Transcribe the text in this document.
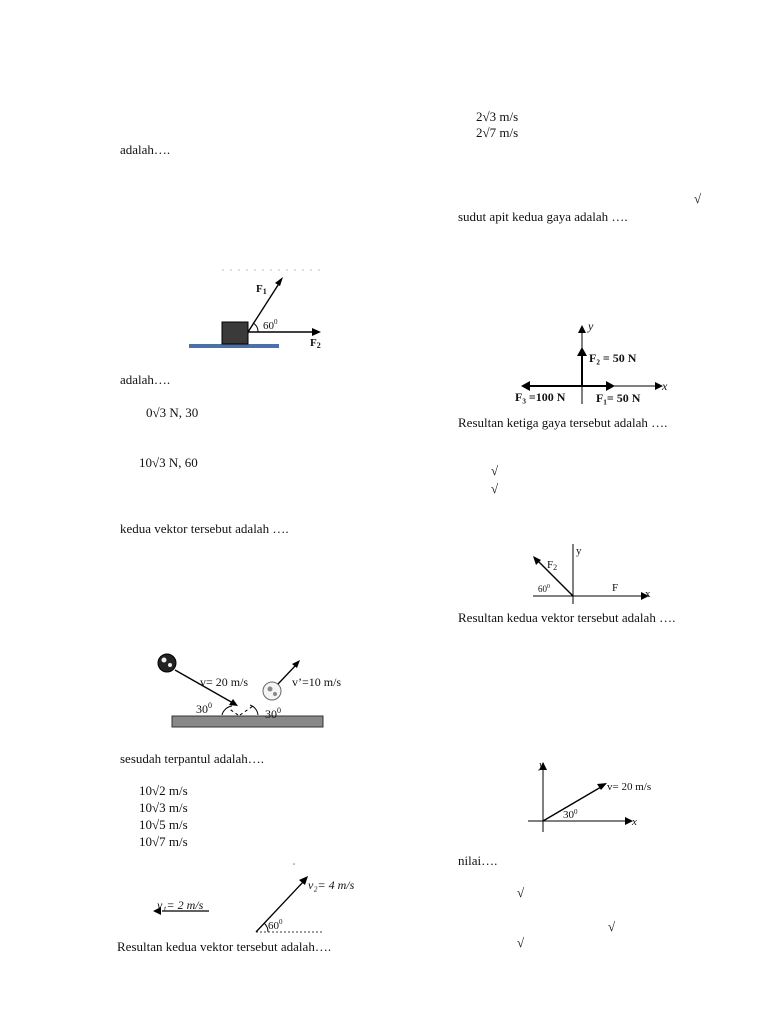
adalah….
F1
$60^0$
F2
adalah….
0√3 N, 30
10√3 N, 60
kedua vektor tersebut adalah ….
v= 20 m/s	v’=10 m/s
$30^0$
$30^0$
sesudah terpantul adalah….
10√2 m/s
10√3 m/s
10√5 m/s
10√7 m/s
v₁= 2 m/s
v₂= 4 m/s
$60^0$
Resultan kedua vektor tersebut adalah….
2√3 m/s
2√7 m/s
√
sudut apit kedua gaya adalah ….
y
x
F₂ = 50 N
F₃ =100 N	F₁= 50 N
Resultan ketiga gaya tersebut adalah ….
√
√
y
x
F2
F
$60^0$
Resultan kedua vektor tersebut adalah ….
y
x
v= 20 m/s
$30^0$
nilai….
√
√
√
